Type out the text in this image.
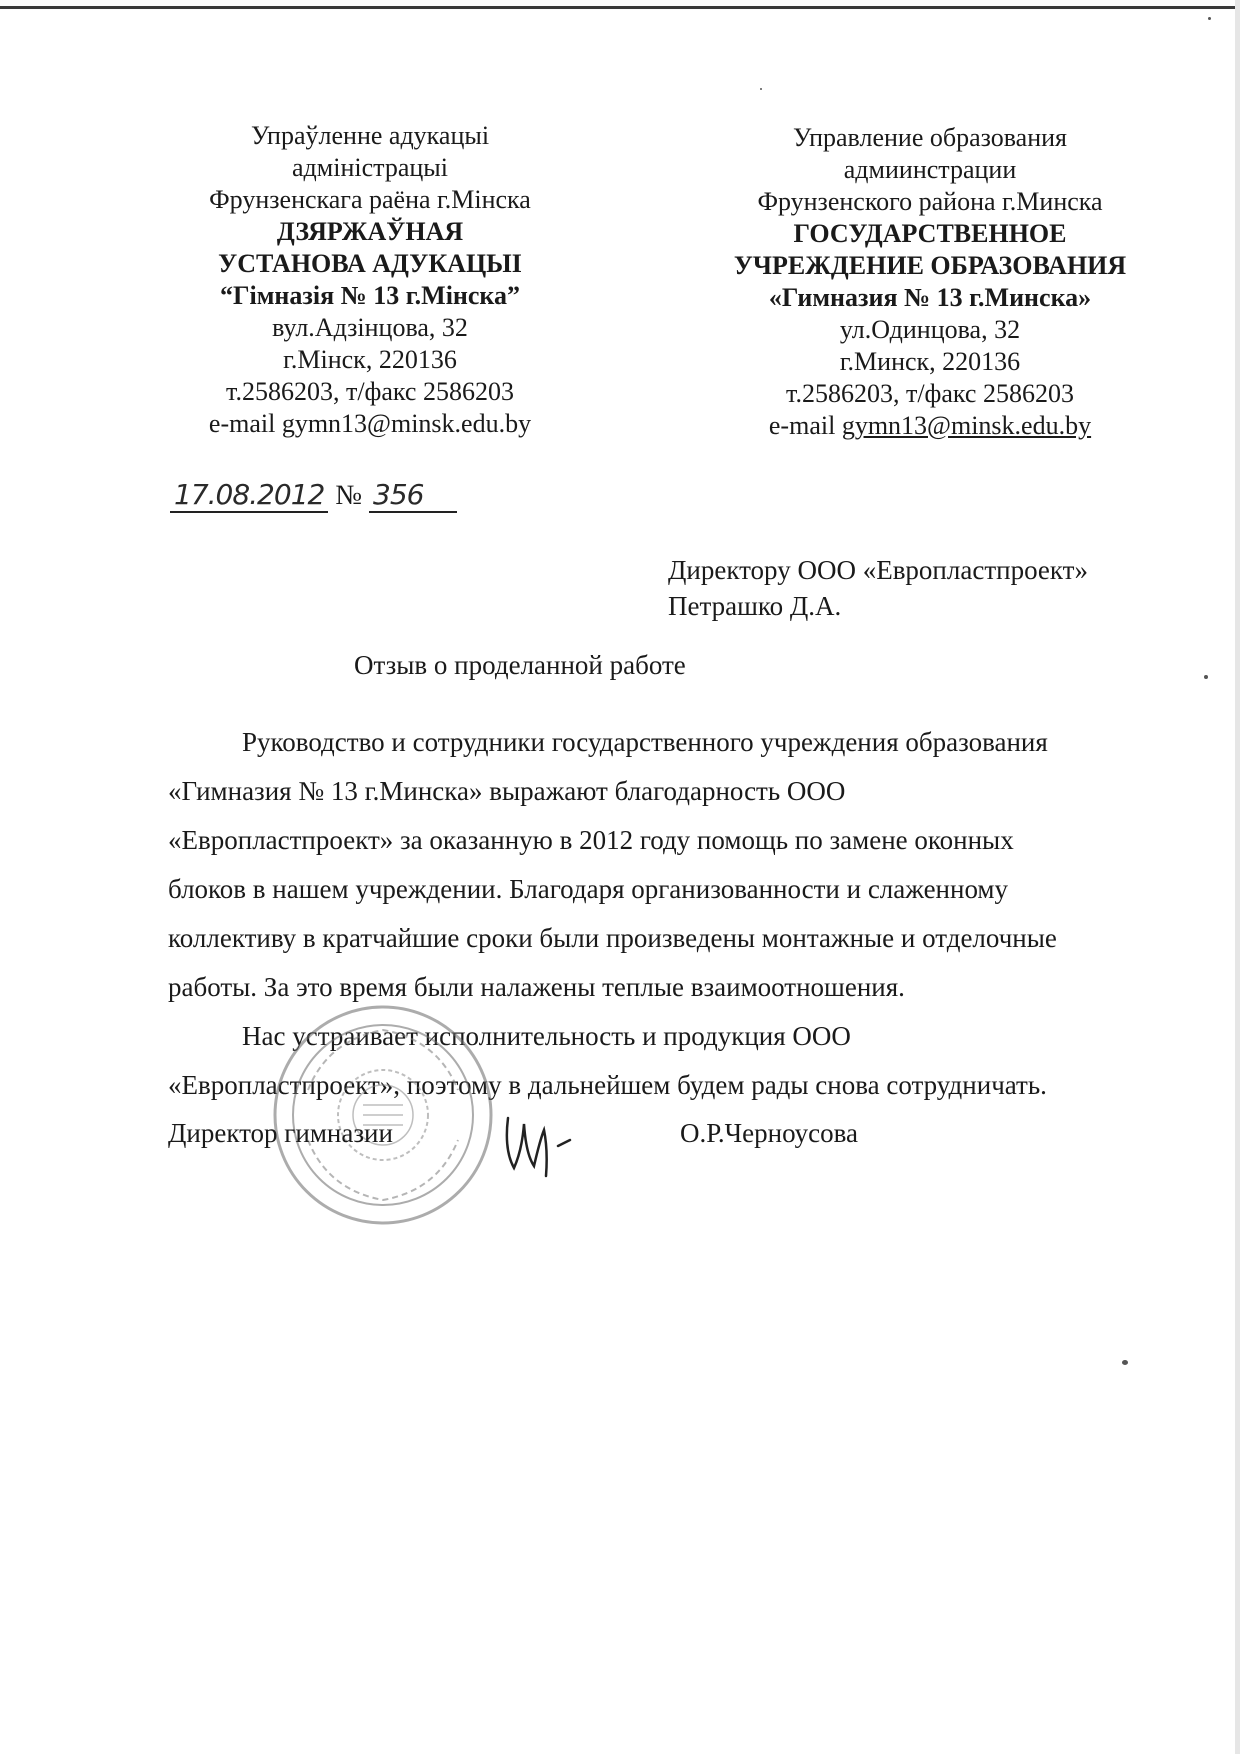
Упраўленне адукацыі
адміністрацыі
Фрунзенскага раёна г.Мінска
ДЗЯРЖАЎНАЯ
УСТАНОВА АДУКАЦЫІ
“Гімназія № 13 г.Мінска”
вул.Адзінцова, 32
г.Мінск, 220136
т.2586203, т/факс 2586203
e-mail gymn13@minsk.edu.by
Управление образования
адмиинстрации
Фрунзенского района г.Минска
ГОСУДАРСТВЕННОЕ
УЧРЕЖДЕНИЕ ОБРАЗОВАНИЯ
«Гимназия № 13 г.Минска»
ул.Одинцова, 32
г.Минск, 220136
т.2586203, т/факс 2586203
e-mail gymn13@minsk.edu.by
17.08.2012 № 356
Директору ООО «Европластпроект»
Петрашко Д.А.
Отзыв о проделанной работе
Руководство и сотрудники государственного учреждения образования
«Гимназия № 13 г.Минска» выражают благодарность ООО
«Европластпроект» за оказанную в 2012 году помощь по замене оконных
блоков в нашем учреждении. Благодаря организованности и слаженному
коллективу в кратчайшие сроки были произведены монтажные и отделочные
работы. За это время были налажены теплые взаимоотношения.
Нас устраивает исполнительность и продукция ООО
«Европластпроект», поэтому в дальнейшем будем рады снова сотрудничать.
Директор гимназии	О.Р.Черноусова
